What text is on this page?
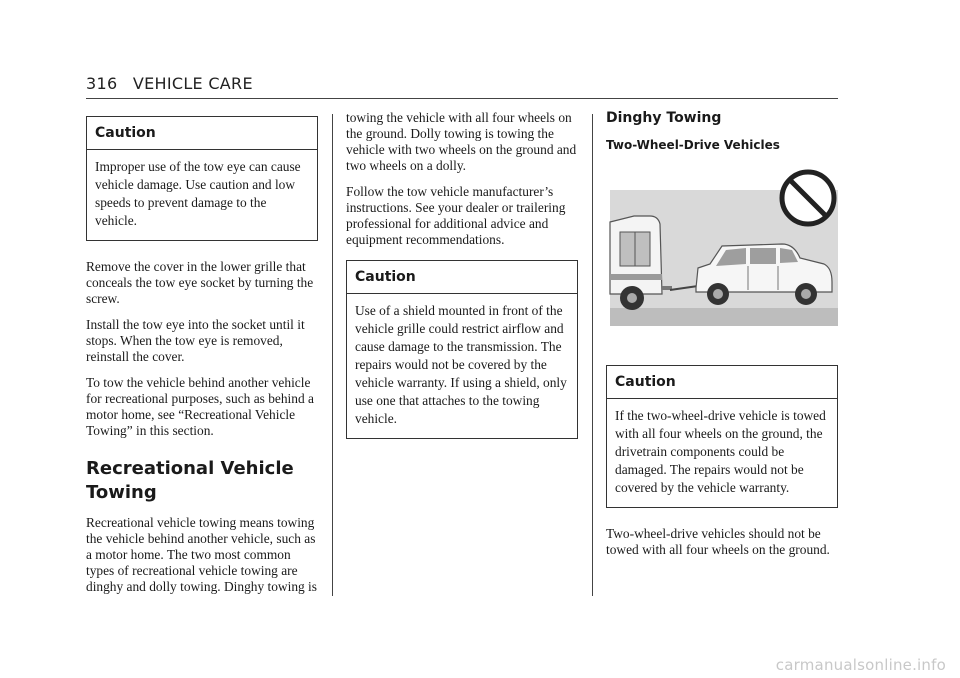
316 VEHICLE CARE
Caution
Improper use of the tow eye can cause vehicle damage. Use caution and low speeds to prevent damage to the vehicle.

Remove the cover in the lower grille that conceals the tow eye socket by turning the screw.

Install the tow eye into the socket until it stops. When the tow eye is removed, reinstall the cover.

To tow the vehicle behind another vehicle for recreational purposes, such as behind a motor home, see “Recreational Vehicle Towing” in this section.

Recreational Vehicle Towing

Recreational vehicle towing means towing the vehicle behind another vehicle, such as a motor home. The two most common types of recreational vehicle towing are dinghy and dolly towing. Dinghy towing is

towing the vehicle with all four wheels on the ground. Dolly towing is towing the vehicle with two wheels on the ground and two wheels on a dolly.

Follow the tow vehicle manufacturer’s instructions. See your dealer or trailering professional for additional advice and equipment recommendations.

Caution
Use of a shield mounted in front of the vehicle grille could restrict airflow and cause damage to the transmission. The repairs would not be covered by the vehicle warranty. If using a shield, only use one that attaches to the towing vehicle.
Dinghy Towing
Two-Wheel-Drive Vehicles
Caution
If the two-wheel-drive vehicle is towed with all four wheels on the ground, the drivetrain components could be damaged. The repairs would not be covered by the vehicle warranty.

Two-wheel-drive vehicles should not be towed with all four wheels on the ground.

carmanualsonline.info
